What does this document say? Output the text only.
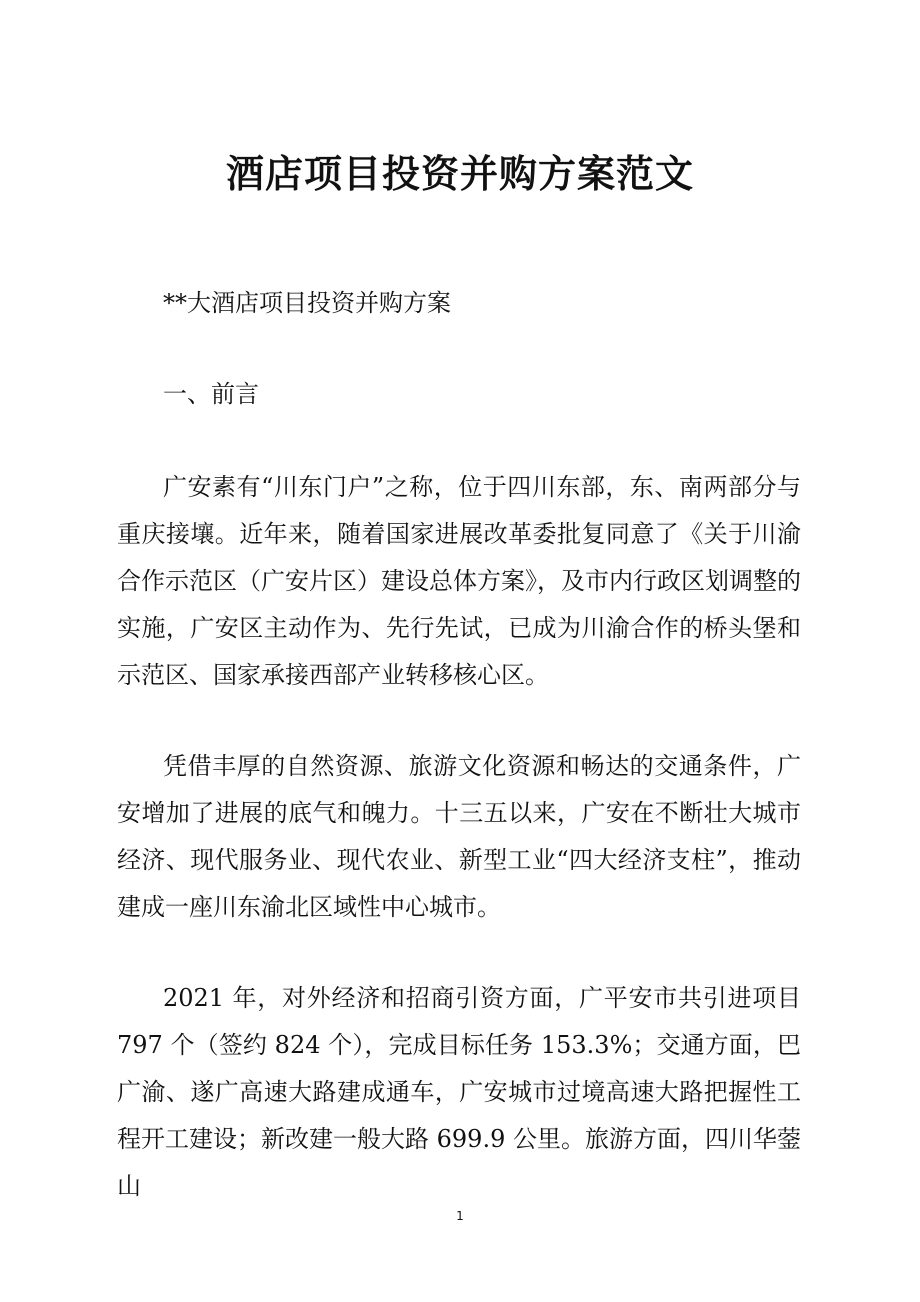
酒店项目投资并购方案范文

**大酒店项目投资并购方案

一、前言

广安素有“川东门户”之称，位于四川东部，东、南两部分与重庆接壤。近年来，随着国家进展改革委批复同意了《关于川渝合作示范区（广安片区）建设总体方案》，及市内行政区划调整的实施，广安区主动作为、先行先试，已成为川渝合作的桥头堡和示范区、国家承接西部产业转移核心区。

凭借丰厚的自然资源、旅游文化资源和畅达的交通条件，广安增加了进展的底气和魄力。十三五以来，广安在不断壮大城市经济、现代服务业、现代农业、新型工业“四大经济支柱”，推动建成一座川东渝北区域性中心城市。

2021 年，对外经济和招商引资方面，广平安市共引进项目797 个（签约 824 个），完成目标任务 153.3%；交通方面，巴广渝、遂广高速大路建成通车，广安城市过境高速大路把握性工程开工建设；新改建一般大路 699.9 公里。旅游方面，四川华蓥山

1
